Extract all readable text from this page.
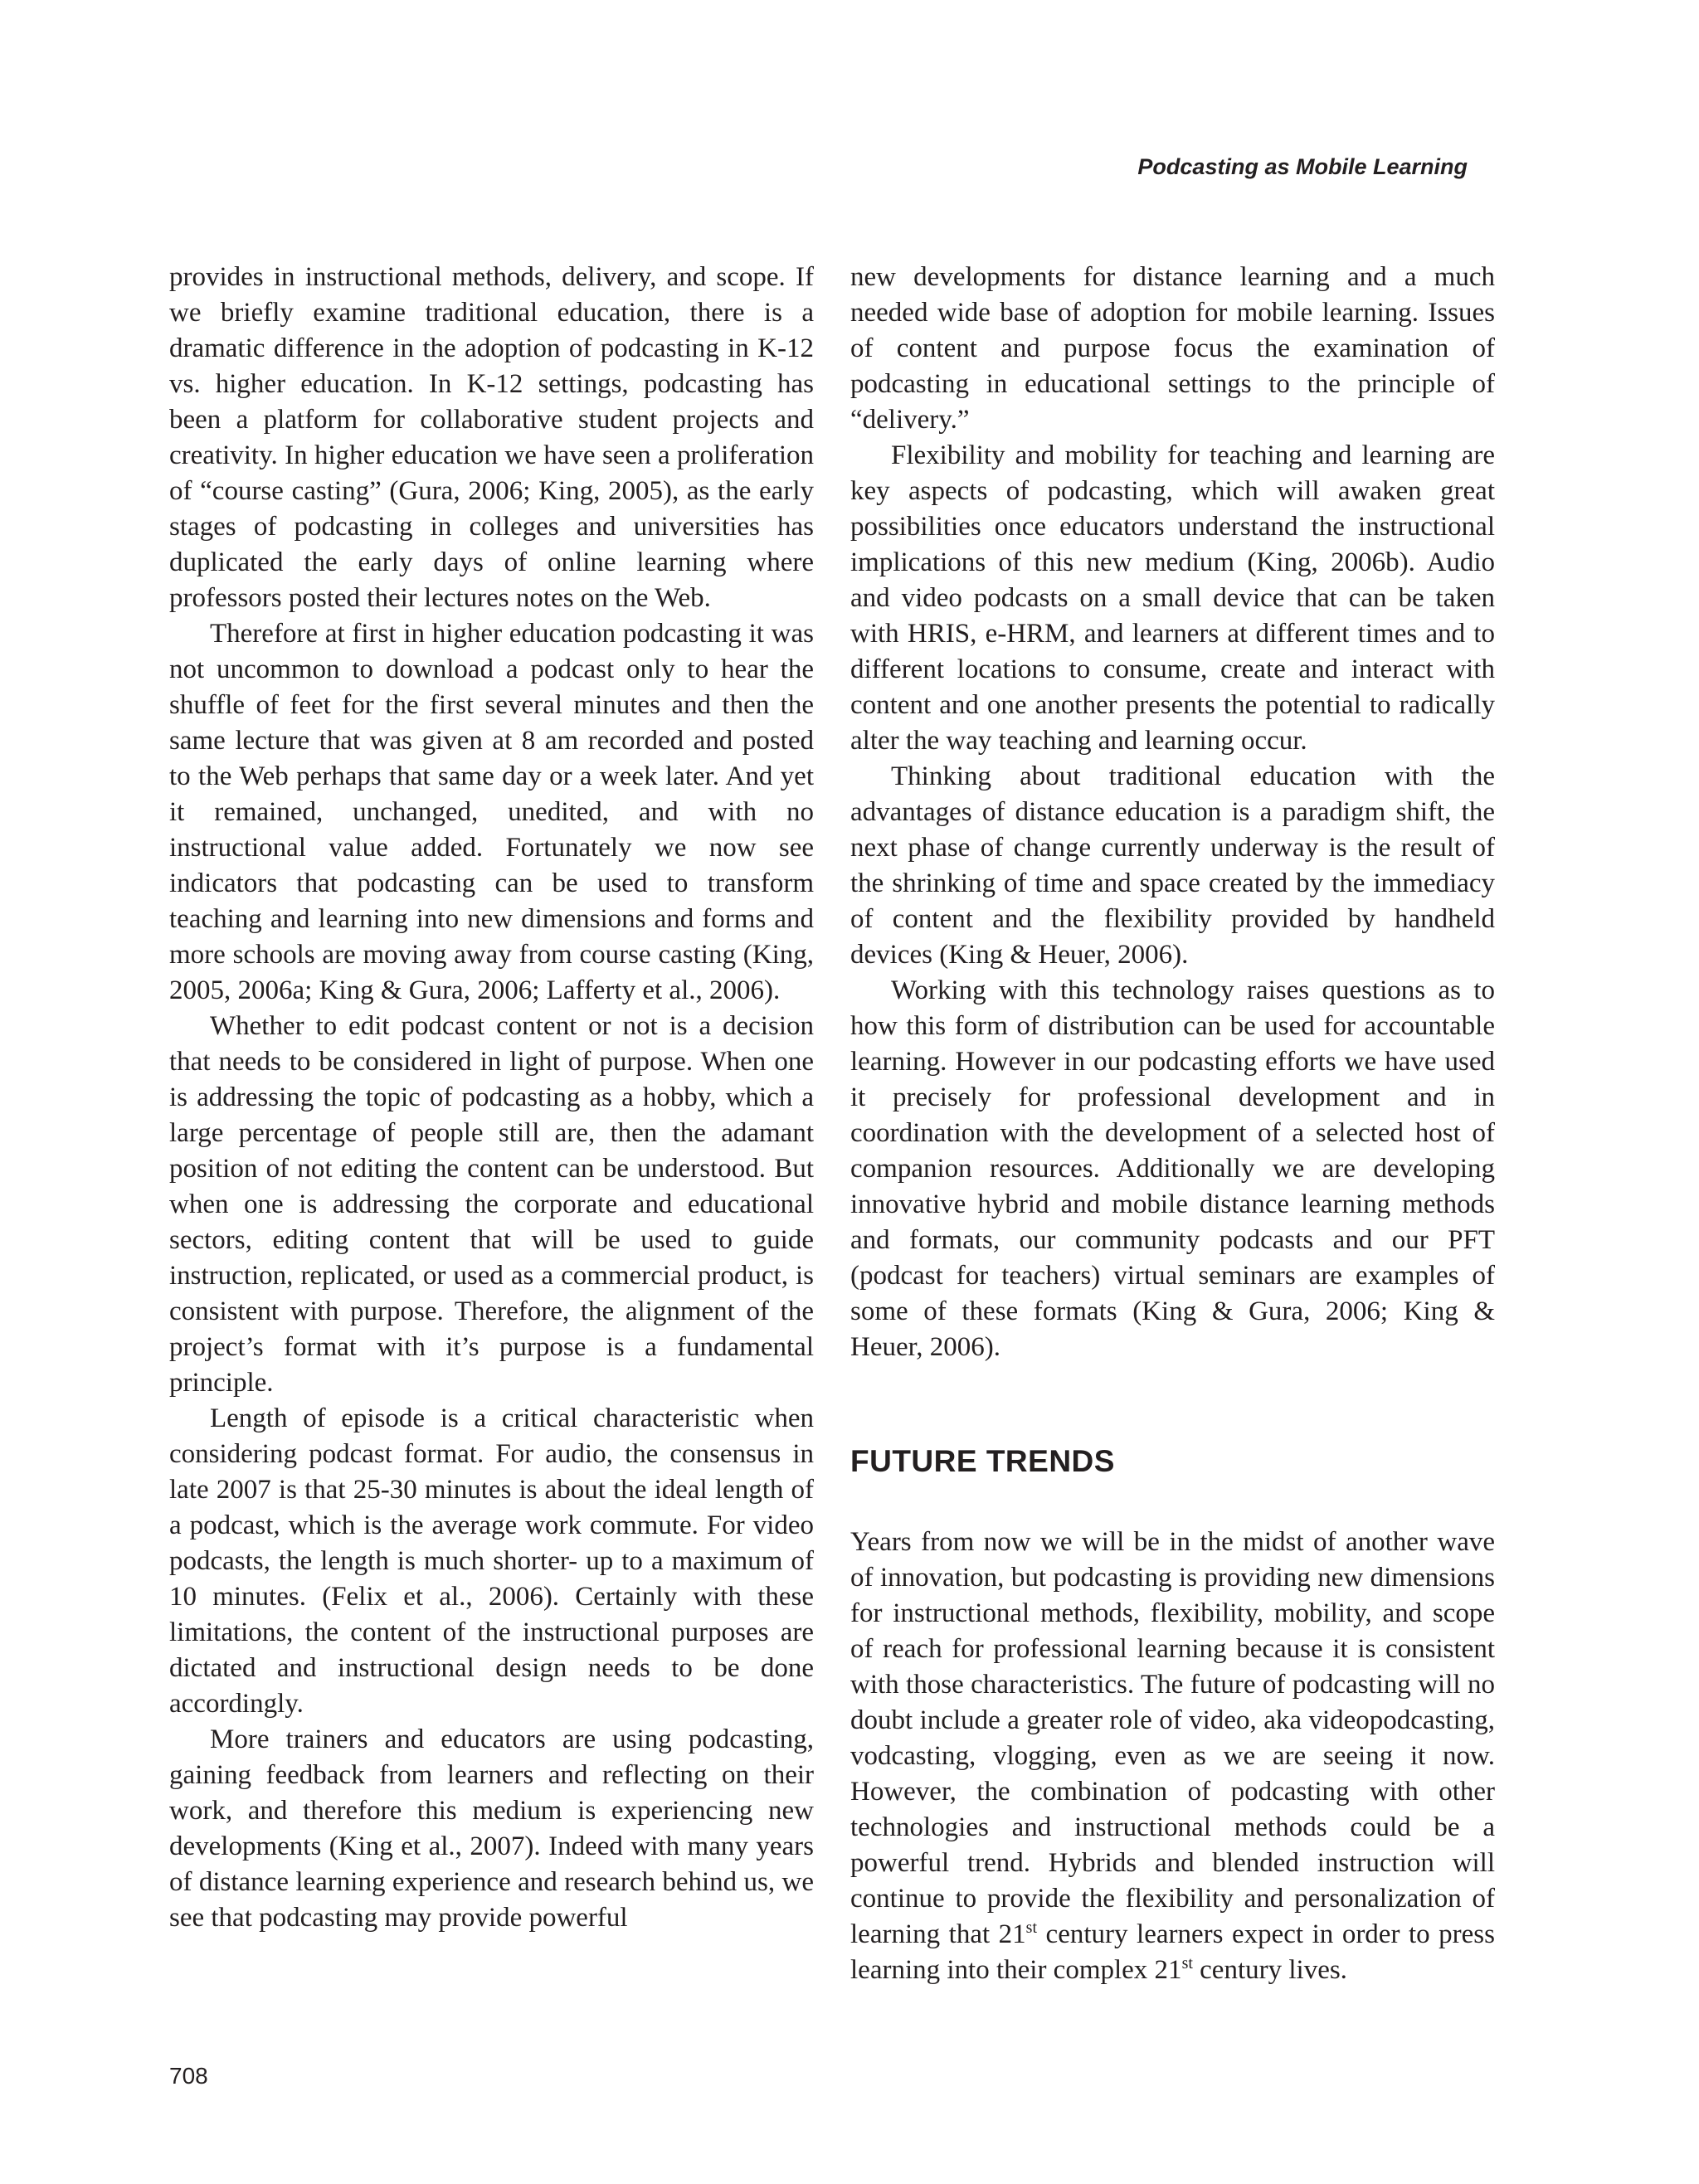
Podcasting as Mobile Learning

provides in instructional methods, delivery, and scope. If we briefly examine traditional education, there is a dramatic difference in the adoption of podcasting in K-12 vs. higher education. In K-12 settings, podcasting has been a platform for collaborative student projects and creativity. In higher education we have seen a proliferation of “course casting” (Gura, 2006; King, 2005), as the early stages of podcasting in colleges and universities has duplicated the early days of online learning where professors posted their lectures notes on the Web.

Therefore at first in higher education podcasting it was not uncommon to download a podcast only to hear the shuffle of feet for the first several minutes and then the same lecture that was given at 8 am recorded and posted to the Web perhaps that same day or a week later. And yet it remained, unchanged, unedited, and with no instructional value added. Fortunately we now see indicators that podcasting can be used to transform teaching and learning into new dimensions and forms and more schools are moving away from course casting (King, 2005, 2006a; King & Gura, 2006; Lafferty et al., 2006).

Whether to edit podcast content or not is a decision that needs to be considered in light of purpose. When one is addressing the topic of podcasting as a hobby, which a large percentage of people still are, then the adamant position of not editing the content can be understood. But when one is addressing the corporate and educational sectors, editing content that will be used to guide instruction, replicated, or used as a commercial product, is consistent with purpose. Therefore, the alignment of the project’s format with it’s purpose is a fundamental principle.

Length of episode is a critical characteristic when considering podcast format. For audio, the consensus in late 2007 is that 25-30 minutes is about the ideal length of a podcast, which is the average work commute. For video podcasts, the length is much shorter- up to a maximum of 10 minutes. (Felix et al., 2006). Certainly with these limitations, the content of the instructional purposes are dictated and instructional design needs to be done accordingly.

More trainers and educators are using podcasting, gaining feedback from learners and reflecting on their work, and therefore this medium is experiencing new developments (King et al., 2007). Indeed with many years of distance learning experience and research behind us, we see that podcasting may provide powerful

new developments for distance learning and a much needed wide base of adoption for mobile learning. Issues of content and purpose focus the examination of podcasting in educational settings to the principle of “delivery.”

Flexibility and mobility for teaching and learning are key aspects of podcasting, which will awaken great possibilities once educators understand the instructional implications of this new medium (King, 2006b). Audio and video podcasts on a small device that can be taken with HRIS, e-HRM, and learners at different times and to different locations to consume, create and interact with content and one another presents the potential to radically alter the way teaching and learning occur.

Thinking about traditional education with the advantages of distance education is a paradigm shift, the next phase of change currently underway is the result of the shrinking of time and space created by the immediacy of content and the flexibility provided by handheld devices (King & Heuer, 2006).

Working with this technology raises questions as to how this form of distribution can be used for accountable learning. However in our podcasting efforts we have used it precisely for professional development and in coordination with the development of a selected host of companion resources. Additionally we are developing innovative hybrid and mobile distance learning methods and formats, our community podcasts and our PFT (podcast for teachers) virtual seminars are examples of some of these formats (King & Gura, 2006; King & Heuer, 2006).

FUTURE TRENDS

Years from now we will be in the midst of another wave of innovation, but podcasting is providing new dimensions for instructional methods, flexibility, mobility, and scope of reach for professional learning because it is consistent with those characteristics. The future of podcasting will no doubt include a greater role of video, aka videopodcasting, vodcasting, vlogging, even as we are seeing it now. However, the combination of podcasting with other technologies and instructional methods could be a powerful trend. Hybrids and blended instruction will continue to provide the flexibility and personalization of learning that 21st century learners expect in order to press learning into their complex 21st century lives.

708
